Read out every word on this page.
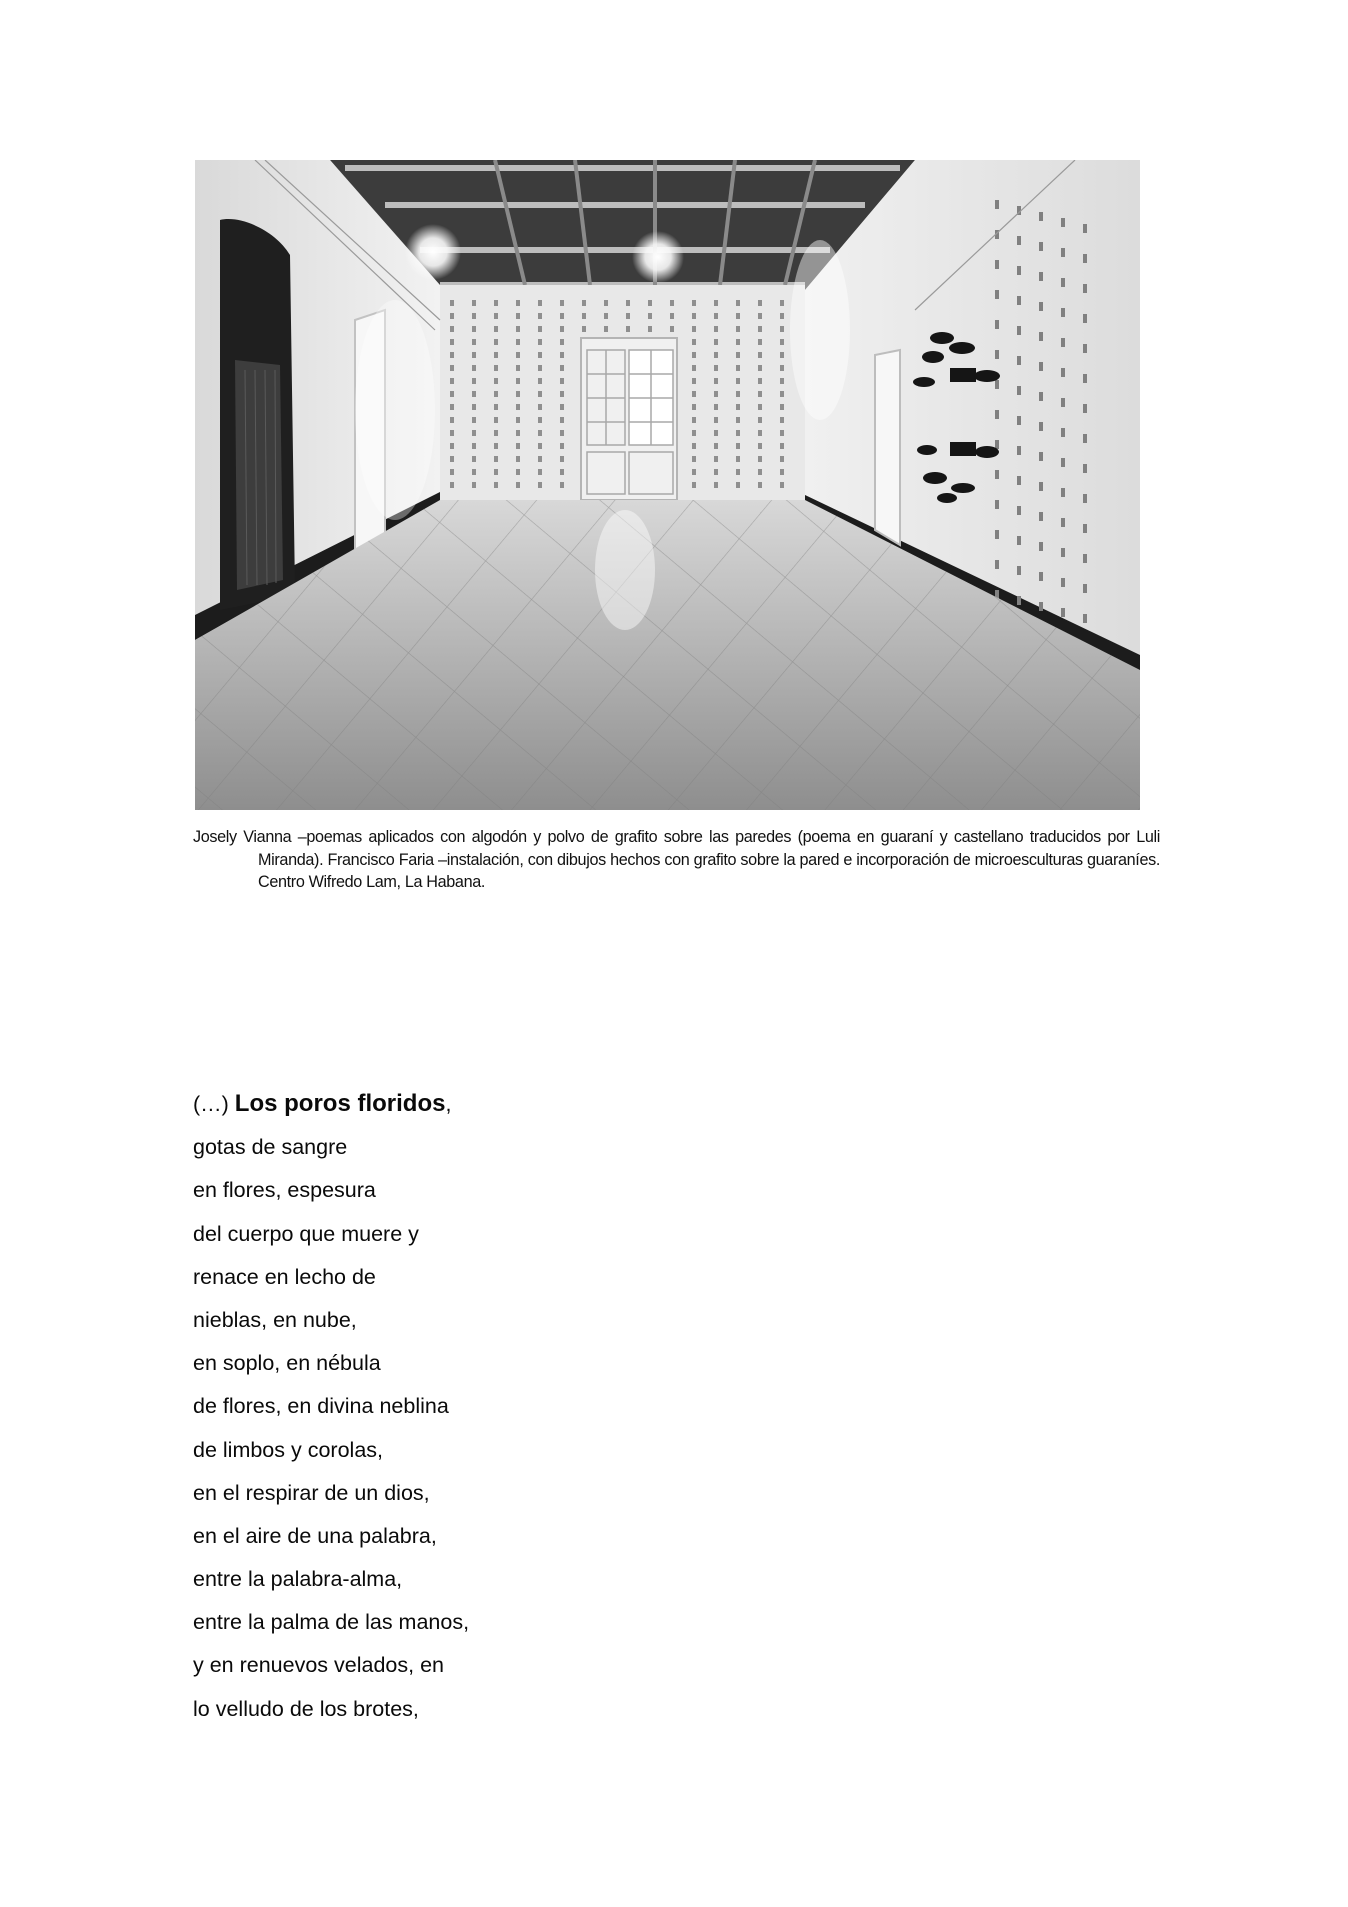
Josely Vianna –poemas aplicados con algodón y polvo de grafito sobre las paredes (poema en guaraní y castellano traducidos por Luli Miranda). Francisco Faria –instalación, con dibujos hechos con grafito sobre la pared e incorporación de microesculturas guaraníes. Centro Wifredo Lam, La Habana.

(…) Los poros floridos,
gotas de sangre
en flores, espesura
del cuerpo que muere y
renace en lecho de
nieblas, en nube,
en soplo, en nébula
de flores, en divina neblina
de limbos y corolas,
en el respirar de un dios,
en el aire de una palabra,
entre la palabra-alma,
entre la palma de las manos,
y en renuevos velados, en
lo velludo de los brotes,
